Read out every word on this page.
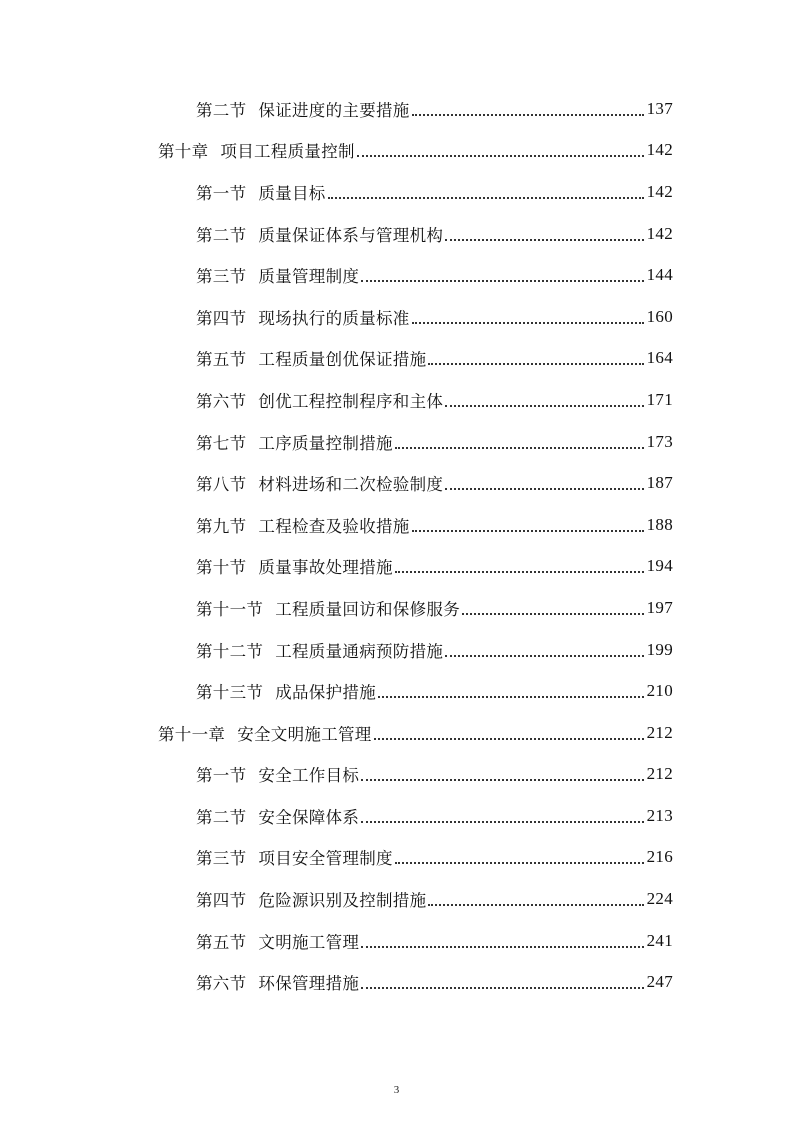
第二节 保证进度的主要措施	137
第十章 项目工程质量控制	142
第一节 质量目标	142
第二节 质量保证体系与管理机构	142
第三节 质量管理制度	144
第四节 现场执行的质量标准	160
第五节 工程质量创优保证措施	164
第六节 创优工程控制程序和主体	171
第七节 工序质量控制措施	173
第八节 材料进场和二次检验制度	187
第九节 工程检查及验收措施	188
第十节 质量事故处理措施	194
第十一节 工程质量回访和保修服务	197
第十二节 工程质量通病预防措施	199
第十三节 成品保护措施	210
第十一章 安全文明施工管理	212
第一节 安全工作目标	212
第二节 安全保障体系	213
第三节 项目安全管理制度	216
第四节 危险源识别及控制措施	224
第五节 文明施工管理	241
第六节 环保管理措施	247
3
